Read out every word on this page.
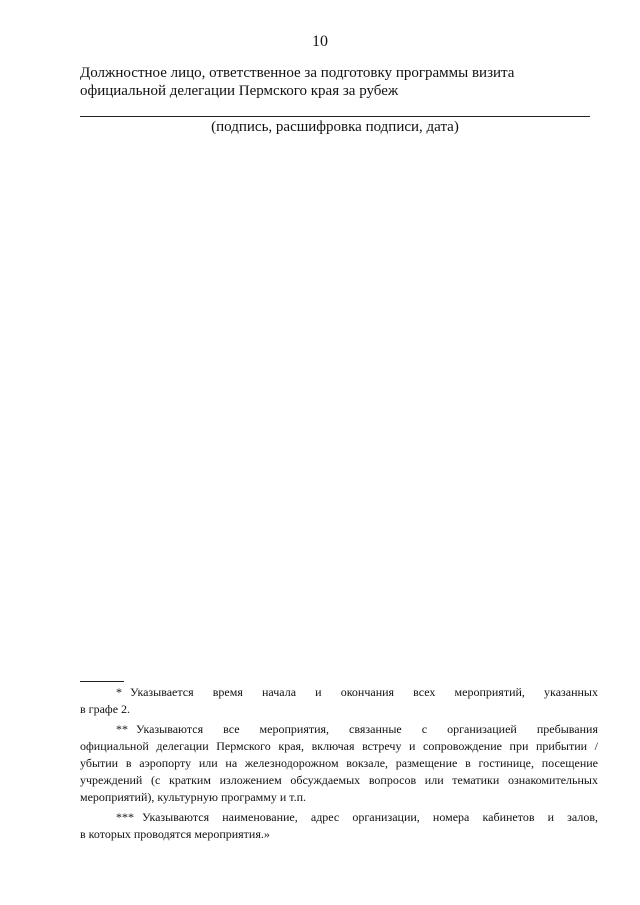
10

Должностное лицо, ответственное за подготовку программы визита
официальной делегации Пермского края за рубеж

(подпись, расшифровка подписи, дата)
* Указывается время начала и окончания всех мероприятий, указанных
в графе 2.
** Указываются все мероприятия, связанные с организацией пребывания
официальной делегации Пермского края, включая встречу и сопровождение при прибытии /
убытии в аэропорту или на железнодорожном вокзале, размещение в гостинице, посещение
учреждений (с кратким изложением обсуждаемых вопросов или тематики ознакомительных
мероприятий), культурную программу и т.п.
*** Указываются наименование, адрес организации, номера кабинетов и залов,
в которых проводятся мероприятия.»
